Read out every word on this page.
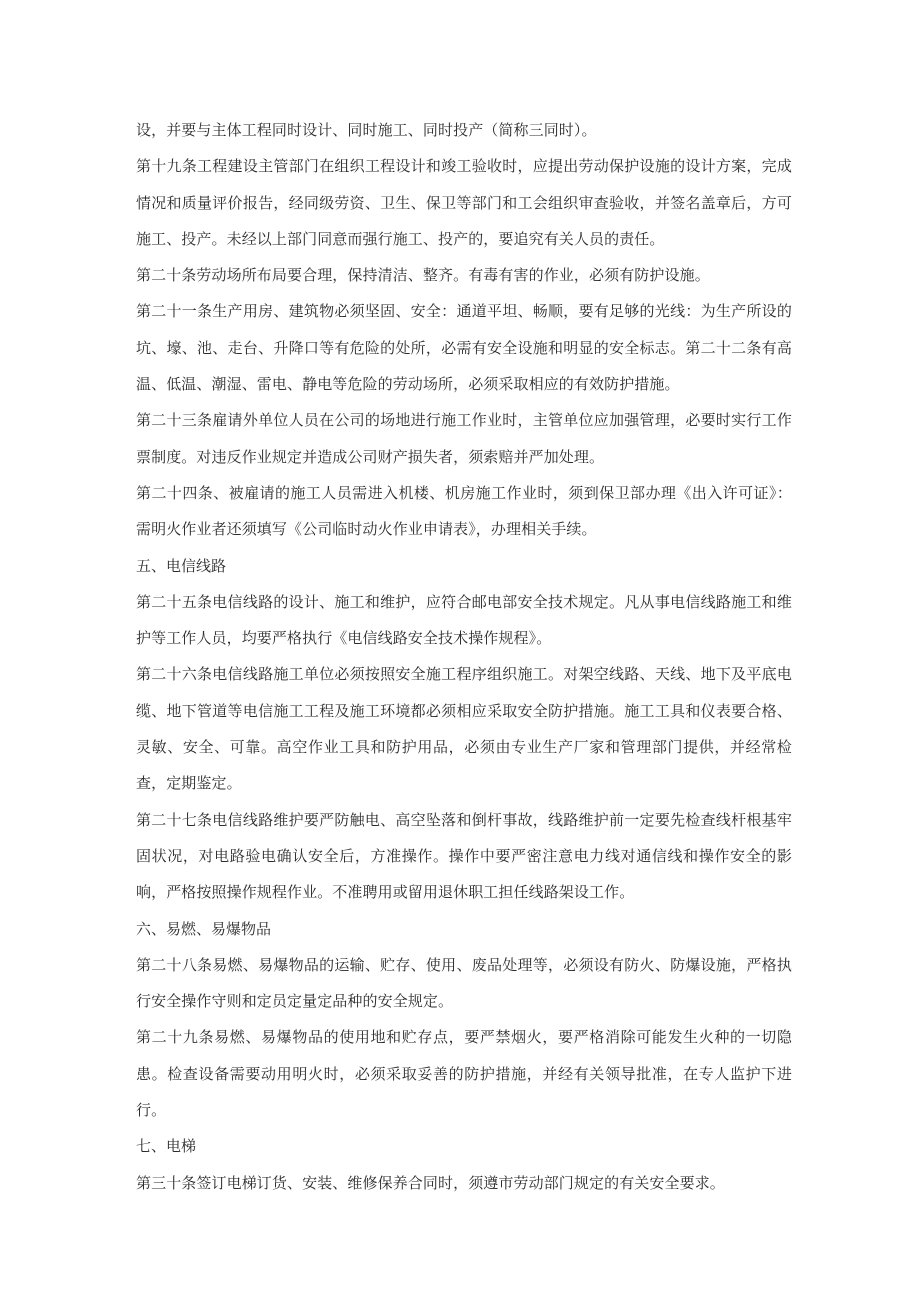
设，并要与主体工程同时设计、同时施工、同时投产（简称三同时）。

第十九条工程建设主管部门在组织工程设计和竣工验收时，应提出劳动保护设施的设计方案，完成情况和质量评价报告，经同级劳资、卫生、保卫等部门和工会组织审查验收，并签名盖章后，方可施工、投产。未经以上部门同意而强行施工、投产的，要追究有关人员的责任。

第二十条劳动场所布局要合理，保持清洁、整齐。有毒有害的作业，必须有防护设施。

第二十一条生产用房、建筑物必须坚固、安全：通道平坦、畅顺，要有足够的光线：为生产所设的坑、壕、池、走台、升降口等有危险的处所，必需有安全设施和明显的安全标志。第二十二条有高温、低温、潮湿、雷电、静电等危险的劳动场所，必须采取相应的有效防护措施。

第二十三条雇请外单位人员在公司的场地进行施工作业时，主管单位应加强管理，必要时实行工作票制度。对违反作业规定并造成公司财产损失者，须索赔并严加处理。

第二十四条、被雇请的施工人员需进入机楼、机房施工作业时，须到保卫部办理《出入许可证》：需明火作业者还须填写《公司临时动火作业申请表》，办理相关手续。

五、电信线路

第二十五条电信线路的设计、施工和维护，应符合邮电部安全技术规定。凡从事电信线路施工和维护等工作人员，均要严格执行《电信线路安全技术操作规程》。

第二十六条电信线路施工单位必须按照安全施工程序组织施工。对架空线路、天线、地下及平底电缆、地下管道等电信施工工程及施工环境都必须相应采取安全防护措施。施工工具和仪表要合格、灵敏、安全、可靠。高空作业工具和防护用品，必须由专业生产厂家和管理部门提供，并经常检查，定期鉴定。

第二十七条电信线路维护要严防触电、高空坠落和倒杆事故，线路维护前一定要先检查线杆根基牢固状况，对电路验电确认安全后，方准操作。操作中要严密注意电力线对通信线和操作安全的影响，严格按照操作规程作业。不准聘用或留用退休职工担任线路架设工作。

六、易燃、易爆物品

第二十八条易燃、易爆物品的运输、贮存、使用、废品处理等，必须设有防火、防爆设施，严格执行安全操作守则和定员定量定品种的安全规定。

第二十九条易燃、易爆物品的使用地和贮存点，要严禁烟火，要严格消除可能发生火种的一切隐患。检查设备需要动用明火时，必须采取妥善的防护措施，并经有关领导批准，在专人监护下进行。

七、电梯

第三十条签订电梯订货、安装、维修保养合同时，须遵市劳动部门规定的有关安全要求。
